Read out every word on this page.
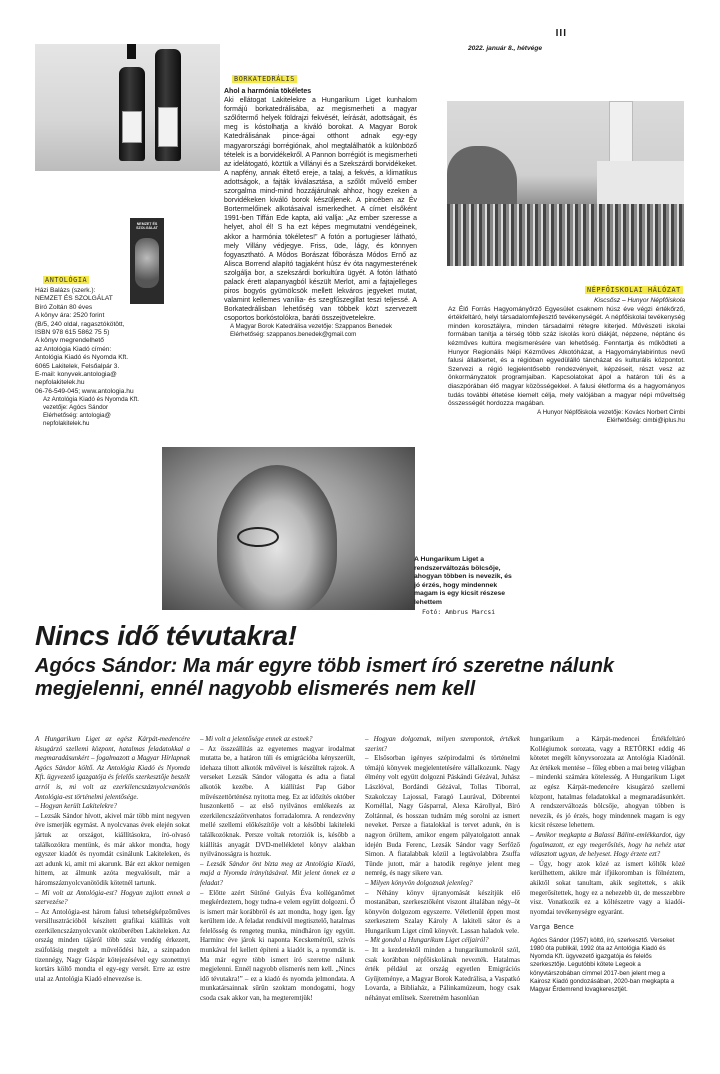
III
2022. január 8., hétvége
NEMZET ÉS SZOLGÁLAT
ANTOLÓGIA
Házi Balázs (szerk.):
NEMZET ÉS SZOLGÁLAT
Bíró Zoltán 80 éves
A könyv ára: 2520 forint
(B/5, 240 oldal, ragasztókötött,
ISBN 978 615 5862 75 5)
A könyv megrendelhető
az Antológia Kiadó címén:
Antológia Kiadó és Nyomda Kft.
6065 Lakitelek, Felsőalpár 3.
E-mail: konyvek.antologia@
nepfolakitelek.hu
06-76-549-045; www.antologia.hu
Az Antológia Kiadó és Nyomda Kft.
vezetője: Agócs Sándor
Elérhetőség: antologia@
nepfolakitelek.hu
BORKATEDRÁLIS
Ahol a harmónia tökéletes
Aki ellátogat Lakitelekre a Hungarikum Liget kunhalom formájú borkatedrálisába, az megismerheti a magyar szőlőtermő helyek földrajzi fekvését, leírását, adottságait, és meg is kóstolhatja a kiváló borokat. A Magyar Borok Katedrálisának pince-ágai otthont adnak egy-egy magyarországi borrégiónak, ahol megtalálhatók a különböző tételek is a borvidékekről. A Pannon borrégiót is megismerheti az idelátogató, köztük a Villányi és a Szekszárdi borvidékeket. A napfény, annak éltető ereje, a talaj, a fekvés, a klimatikus adottságok, a fajták kiválasztása, a szőlőt művelő ember szorgalma mind-mind hozzájárulnak ahhoz, hogy ezeken a borvidékeken kiváló borok készüljenek. A pincében az Év Bortermelőinek alkotásaival ismerkedhet. A címet elsőként 1991-ben Tiffán Ede kapta, aki vallja: „Az ember szeresse a helyet, ahol él! S ha ezt képes megmutatni vendégeinek, akkor a harmónia tökéletes!” A fotón a portugieser látható, mely Villány védjegye. Friss, üde, lágy, és könnyen fogyasztható. A Módos Borászat főborásza Módos Ernő az Alisca Borrend alapító tagjaként húsz év óta nagymesterének szolgálja bor, a szekszárdi borkultúra ügyét. A fotón látható palack érett alapanyagból készült Merlot, ami a fajtajelleges piros bogyós gyümölcsök mellett lekváros jegyeket mutat, valamint kellemes vanília- és szegfűszegillat teszi teljessé. A Borkatedrálisban lehetőség van többek közt szervezett csoportos borkóstolókra, baráti összejövetelekre.
A Magyar Borok Katedrálisa vezetője: Szappanos Benedek
Elérhetőség: szappanos.benedek@gmail.com
NÉPFŐISKOLAI HÁLÓZAT
Kiscsősz – Hunyor Népfőiskola
Az Élő Forrás Hagyományőrző Egyesület csaknem húsz éve végzi értékőrző, értékfeltáró, helyi társadalomfejlesztő tevékenységét. A népfőiskolai tevékenység minden korosztályra, minden társadalmi rétegre kiterjed. Művészeti iskolai formában tanítja a térség több száz iskolás korú diákját, népzene, néptánc és kézműves kultúra megismerésére van lehetőség. Fenntartja és működteti a Hunyor Regionális Népi Kézműves Alkotóházat, a Hagyománylabirintus nevű falusi állatkertet, és a régióban egyedülálló táncházat és kulturális központot. Szervezi a régió legjelentősebb rendezvényeit, képzéseit, részt vesz az önkormányzatok programjaiban. Kapcsolatokat ápol a határon túli és a diaszpórában élő magyar közösségekkel. A falusi életforma és a hagyományos tudás további éltetése kiemelt célja, mely valójában a magyar népi műveltség összességét hordozza magában.
A Hunyor Népfőiskola vezetője: Kovács Norbert Cimbi
Elérhetőség: cimbi@iplus.hu
A Hungarikum Liget a rendszerváltozás bölcsője, ahogyan többen is nevezik, és jó érzés, hogy mindennek magam is egy kicsit részese lehettem
Fotó: Ambrus Marcsi
Nincs idő tévutakra!
Agócs Sándor: Ma már egyre több ismert író szeretne nálunk megjelenni, ennél nagyobb elismerés nem kell

A Hungarikum Liget az egész Kárpát-medencére kisugárzó szellemi központ, hatalmas feladatokkal a megmaradásunkért – fogalmazott a Magyar Hírlapnak Agócs Sándor költő. Az Antológia Kiadó és Nyomda Kft. ügyvezető igazgatója és felelős szerkesztője beszélt arról is, mi volt az ezerkilencszáznyolcvanötös Antológia-est történelmi jelentősége.

– Hogyan került Lakitelekre?

– Lezsák Sándor hívott, akivel már több mint negyven éve ismerjük egymást. A nyolcvanas évek elején sokat jártuk az országot, kiállításokra, író-olvasó találkozókra mentünk, és már akkor mondta, hogy egyszer kiadót és nyomdát csinálunk Lakiteleken, és azt adunk ki, amit mi akarunk. Bár ezt akkor nemigen hittem, az álmunk azóta megvalósult, már a háromszáznyolcvanötödik kötetnél tartunk.

– Mi volt az Antológia-est? Hogyan zajlott ennek a szervezése?

– Az Antológia-est három falusi tehetségképzőműves versillusztrációból készített grafikai kiállítás volt ezerkilencszáznyolcvanöt októberében Lakiteleken. Az ország minden tájáról több száz vendég érkezett, zsúfolásig megtelt a művelődési ház, a szinpadon tizennégy, Nagy Gáspár kötejezésével egy szonettnyi kortárs költő mondta el egy-egy versét. Erre az estre utal az Antológia Kiadó elnevezése is.

– Mi volt a jelentősége ennek az estnek?

– Az összeállítás az egyetemes magyar irodalmat mutatta be, a határon túli és emigrációba kényszerült, idehaza tiltott alkotók művéivel is készültek rajzok. A verseket Lezsák Sándor válogatta és adta a fiatal alkotók kezébe. A kiállítást Pap Gábor művészettörténész nyitotta meg. Ez az időzítés október huszonkettő – az első nyilvános emlékezés az ezerkilencszázötvenhatos forradalomra. A rendezvény mellé szellemi előkészítője volt a későbbi lakiteleki találkozóknak. Persze voltak retorziók is, később a kiállítás anyagát DVD-mellékletel könyv alakban nyilvánosságra is hoztuk.

– Lezsák Sándor önt bízta meg az Antológia Kiadó, majd a Nyomda irányításával. Mit jelent önnek ez a feladat?

– Előtte azért Sütőné Gulyás Éva kolléganőmet megkérdeztem, hogy tudna-e velem együtt dolgozni. Ő is ismert már korábbról és azt mondta, hogy igen. Így kerültem ide. A feladat rendkívül megtisztelő, hatalmas felelősség és rengeteg munka, mindháron így együtt. Harminc éve járok ki naponta Kecskemétről, szívós munkával fel kellett építeni a kiadót is, a nyomdát is. Ma már egyre több ismert író szeretne nálunk megjelenni. Ennél nagyobb elismerés nem kell. „Nincs idő tévutakra!” – ez a kiadó és nyomda jelmondata. A munkatársainnak sűrűn szoktam mondogatni, hogy csoda csak akkor van, ha megteremtjük!

– Hogyan dolgoznak, milyen szempontok, értékek szerint?

– Elsősorban igényes szépirodalmi és történelmi témájú könyvek megjelentetésére vállalkozunk. Nagy élmény volt együtt dolgozni Páskándi Gézával, Juhász Lászlóval, Bordándi Gézával, Tollas Tiborral, Szakolczay Lajossal, Faragó Laurával, Döbrentei Kornéllal, Nagy Gásparral, Alexa Károllyal, Bíró Zoltánnal, és hosszan tudnám még sorolni az ismert neveket. Persze a fiatalokkal is tervet adunk, én is nagyon örültem, amikor engem pályatolgatott annak idején Buda Ferenc, Lezsák Sándor vagy Serfőző Simon. A fiatalabbak közül a legtávolabbra Zsuffa Tünde jutott, már a hatodik regénye jelent meg nemrég, és nagy sikere van.

– Milyen könyvön dolgoznak jelenleg?

– Néhány könyv újranyomását készítjük elő mostanában, szerkesztőként viszont általában négy–öt könyvön dolgozom egyszerre. Véletlenül éppen most szerkesztem Szalay Károly A lakiteli sátor és a Hungarikum Liget című könyvét. Lassan haladok vele.

– Mit gondol a Hungarikum Liget céljairól?

– Itt a kezdetektől minden a hungarikumokról szól, csak korábban népfőiskolának nevezték. Hatalmas érték például az ország egyetlen Emigrációs Gyűjteménye, a Magyar Borok Katedrálisa, a Vaspatkó Lovarda, a Bibliaház, a Pálinkamúzeum, hogy csak néhányat említsek. Szeretném hasonlóan

hungarikum a Kárpát-medencei Értékfeltáró Kollégiumok sorozata, vagy a RETÖRKI eddig 46 kötetet megélt könyvsorozata az Antológia Kiadónál. Az értékek mentése – főleg ebben a mai beteg világban – mindenki számára kötelesség. A Hungarikum Liget az egész Kárpát-medencére kisugárzó szellemi központ, hatalmas feladatokkal a megmaradásunkért. A rendszerváltozás bölcsője, ahogyan többen is nevezik, és jó érzés, hogy mindennek magam is egy kicsit részese lehettem.

– Amikor megkapta a Balassi Bálint-emlékkardot, úgy fogalmazott, ez egy megerősítés, hogy ha nehéz utat választott ugyan, de helyeset. Hogy érzete ezt?

– Úgy, hogy azok közé az ismert költők közé kerülhettem, akikre már ifjúkoromban is fölnéztem, akiktől sokat tanultam, akik segítettek, s akik megerősítettek, hogy ez a nehezebb út, de messzebbre visz. Vonatkozik ez a költészetre vagy a kiadói-nyomdai tevékenységre egyaránt.

Varga Bence

Agócs Sándor (1957) költő, író, szerkesztő. Verseket 1980 óta publikál, 1992 óta az Antológia Kiadó és Nyomda Kft. ügyvezető igazgatója és felelős szerkesztője. Legutóbbi kötete Legeok a könyvtárszobában címmel 2017-ben jelent meg a Kairosz Kiadó gondozásában, 2020-ban megkapta a Magyar Érdemrend lovagkeresztjét.
